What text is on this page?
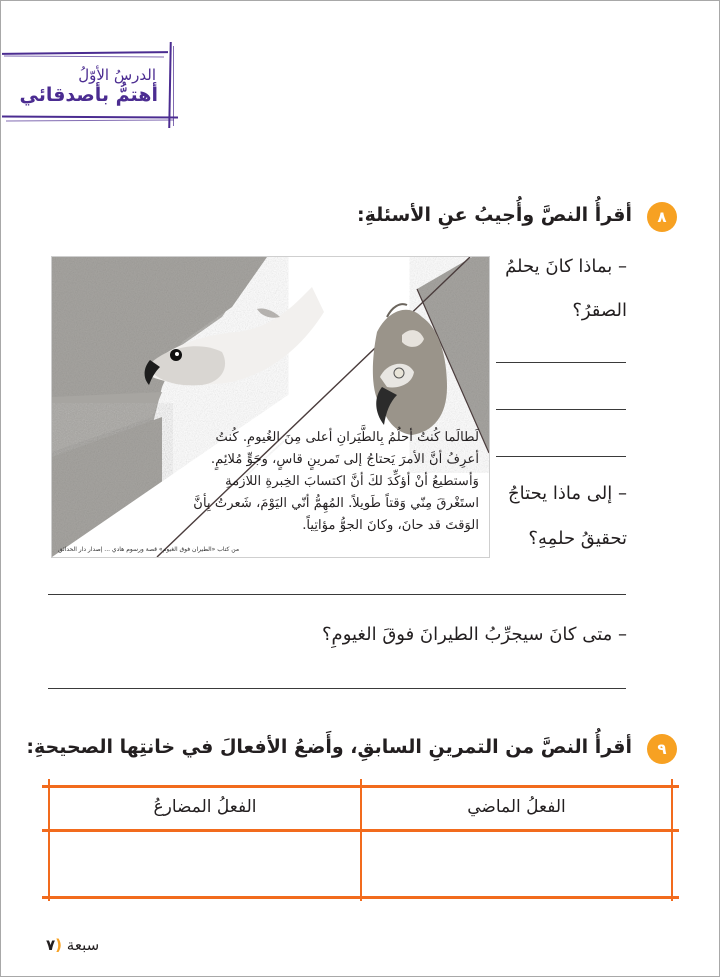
الدرسُ الأوّلُ
أهتمُّ بأصدقائي
٨
أقرأُ النصَّ وأُجيبُ عنِ الأسئلةِ:
لَطالَما كُنتُ أحلُمُ بِالطَّيَرانِ أعلى مِنَ الغُيومِ. كُنتُ
أعرِفُ أنَّ الأمرَ يَحتاجُ إلى تَمرينٍ قاسٍ، وجَوٍّ مُلائِمٍ.
وَأستطيعُ أنْ أؤكِّدَ لكَ أنَّ اكتسابَ الخِبرةِ اللازمةِ
استَغْرقَ مِنّي وَقتاً طَويلاً. المُهِمُّ أنّي اليَوْمَ، شَعرتُ بِأنَّ
الوَقتَ قد حانَ، وكانَ الجوُّ مؤاتِياً.
من كتاب «الطيران فوق الغيوم» قصة ورسوم هادي ... إصدار دار الحدائق
– بماذا كانَ يحلمُ
الصقرُ؟
– إلى ماذا يحتاجُ
تحقيقُ حلمِهِ؟
– متى كانَ سيجرِّبُ الطيرانَ فوقَ الغيومِ؟
٩
أقرأُ النصَّ من التمرينِ السابقِ، وأَضعُ الأفعالَ في خانتِها الصحيحةِ:
الفعلُ الماضي
الفعلُ المضارعُ
سبعة (٧
